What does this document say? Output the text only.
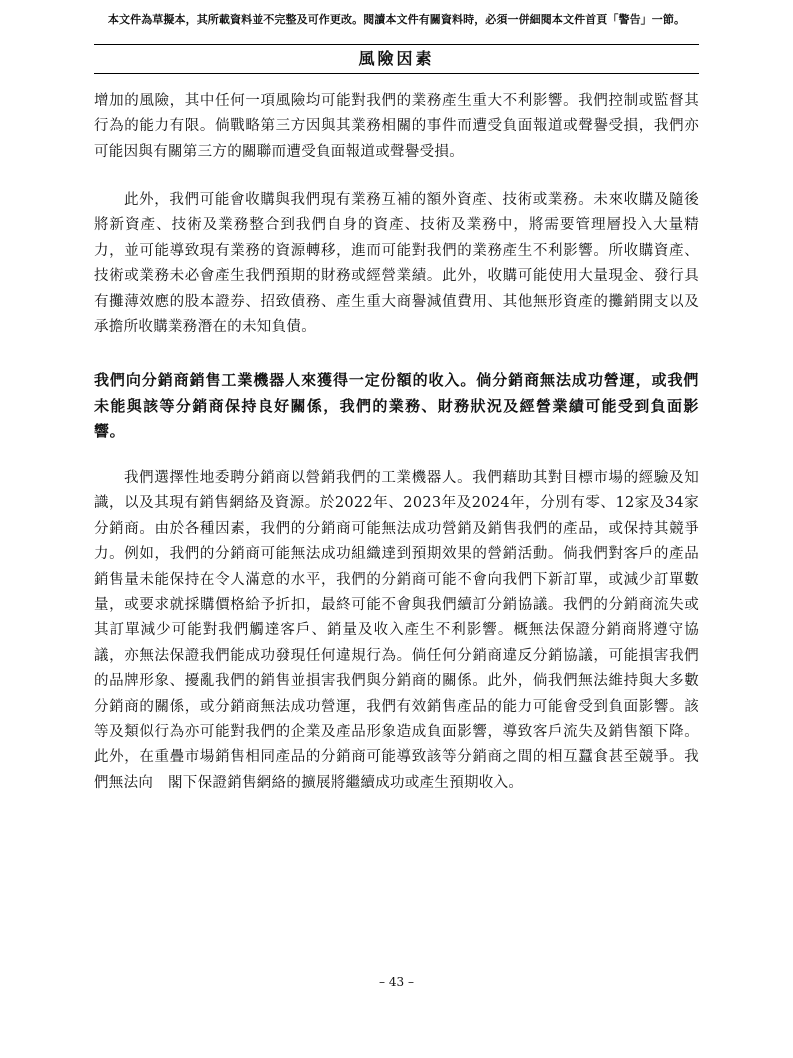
本文件為草擬本，其所載資料並不完整及可作更改。閱讀本文件有關資料時，必須一併細閱本文件首頁「警告」一節。
風險因素

增加的風險，其中任何一項風險均可能對我們的業務產生重大不利影響。我們控制或監督其行為的能力有限。倘戰略第三方因與其業務相關的事件而遭受負面報道或聲譽受損，我們亦可能因與有關第三方的關聯而遭受負面報道或聲譽受損。

此外，我們可能會收購與我們現有業務互補的額外資產、技術或業務。未來收購及隨後將新資產、技術及業務整合到我們自身的資產、技術及業務中，將需要管理層投入大量精力，並可能導致現有業務的資源轉移，進而可能對我們的業務產生不利影響。所收購資產、技術或業務未必會產生我們預期的財務或經營業績。此外，收購可能使用大量現金、發行具有攤薄效應的股本證券、招致債務、產生重大商譽減值費用、其他無形資產的攤銷開支以及承擔所收購業務潛在的未知負債。

我們向分銷商銷售工業機器人來獲得一定份額的收入。倘分銷商無法成功營運，或我們未能與該等分銷商保持良好關係，我們的業務、財務狀況及經營業績可能受到負面影響。

我們選擇性地委聘分銷商以營銷我們的工業機器人。我們藉助其對目標市場的經驗及知識，以及其現有銷售網絡及資源。於2022年、2023年及2024年，分別有零、12家及34家分銷商。由於各種因素，我們的分銷商可能無法成功營銷及銷售我們的產品，或保持其競爭力。例如，我們的分銷商可能無法成功組織達到預期效果的營銷活動。倘我們對客戶的產品銷售量未能保持在令人滿意的水平，我們的分銷商可能不會向我們下新訂單，或減少訂單數量，或要求就採購價格給予折扣，最終可能不會與我們續訂分銷協議。我們的分銷商流失或其訂單減少可能對我們觸達客戶、銷量及收入產生不利影響。概無法保證分銷商將遵守協議，亦無法保證我們能成功發現任何違規行為。倘任何分銷商違反分銷協議，可能損害我們的品牌形象、擾亂我們的銷售並損害我們與分銷商的關係。此外，倘我們無法維持與大多數分銷商的關係，或分銷商無法成功營運，我們有效銷售產品的能力可能會受到負面影響。該等及類似行為亦可能對我們的企業及產品形象造成負面影響，導致客戶流失及銷售額下降。此外，在重疊市場銷售相同產品的分銷商可能導致該等分銷商之間的相互蠶食甚至競爭。我們無法向　閣下保證銷售網絡的擴展將繼續成功或產生預期收入。

– 43 –
